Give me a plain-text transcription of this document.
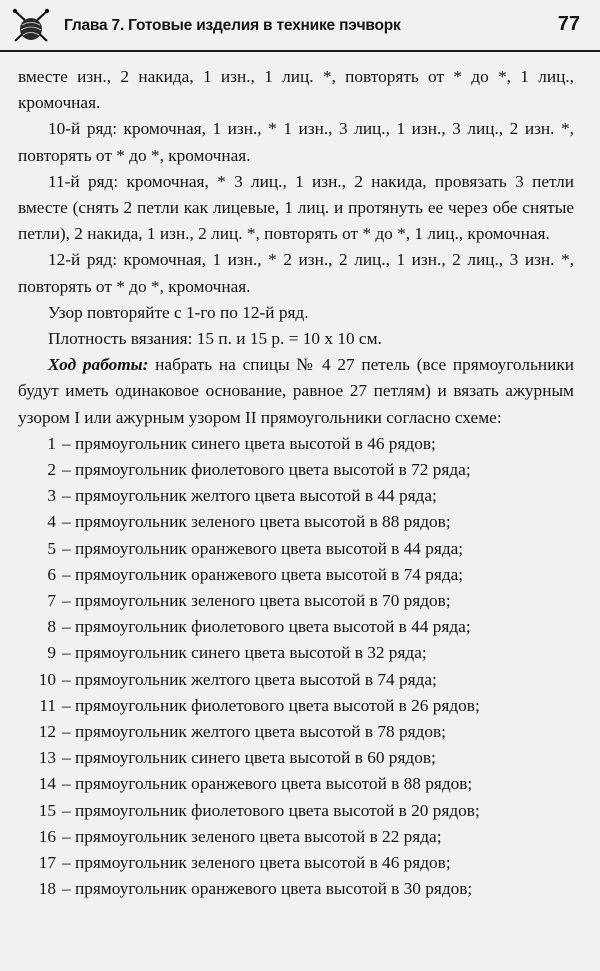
Глава 7. Готовые изделия в технике пэчворк	77

вместе изн., 2 накида, 1 изн., 1 лиц. *, повторять от * до *, 1 лиц., кромочная.

10-й ряд: кромочная, 1 изн., * 1 изн., 3 лиц., 1 изн., 3 лиц., 2 изн. *, повторять от * до *, кромочная.

11-й ряд: кромочная, * 3 лиц., 1 изн., 2 накида, провязать 3 петли вместе (снять 2 петли как лицевые, 1 лиц. и протянуть ее через обе снятые петли), 2 накида, 1 изн., 2 лиц. *, повторять от * до *, 1 лиц., кромочная.

12-й ряд: кромочная, 1 изн., * 2 изн., 2 лиц., 1 изн., 2 лиц., 3 изн. *, повторять от * до *, кромочная.

Узор повторяйте с 1-го по 12-й ряд.

Плотность вязания: 15 п. и 15 р. = 10 х 10 см.

Ход работы: набрать на спицы № 4 27 петель (все прямоугольники будут иметь одинаковое основание, равное 27 петлям) и вязать ажурным узором I или ажурным узором II прямоугольники согласно схеме:

1 – прямоугольник синего цвета высотой в 46 рядов;
2 – прямоугольник фиолетового цвета высотой в 72 ряда;
3 – прямоугольник желтого цвета высотой в 44 ряда;
4 – прямоугольник зеленого цвета высотой в 88 рядов;
5 – прямоугольник оранжевого цвета высотой в 44 ряда;
6 – прямоугольник оранжевого цвета высотой в 74 ряда;
7 – прямоугольник зеленого цвета высотой в 70 рядов;
8 – прямоугольник фиолетового цвета высотой в 44 ряда;
9 – прямоугольник синего цвета высотой в 32 ряда;
10 – прямоугольник желтого цвета высотой в 74 ряда;
11 – прямоугольник фиолетового цвета высотой в 26 рядов;
12 – прямоугольник желтого цвета высотой в 78 рядов;
13 – прямоугольник синего цвета высотой в 60 рядов;
14 – прямоугольник оранжевого цвета высотой в 88 рядов;
15 – прямоугольник фиолетового цвета высотой в 20 рядов;
16 – прямоугольник зеленого цвета высотой в 22 ряда;
17 – прямоугольник зеленого цвета высотой в 46 рядов;
18 – прямоугольник оранжевого цвета высотой в 30 рядов;
